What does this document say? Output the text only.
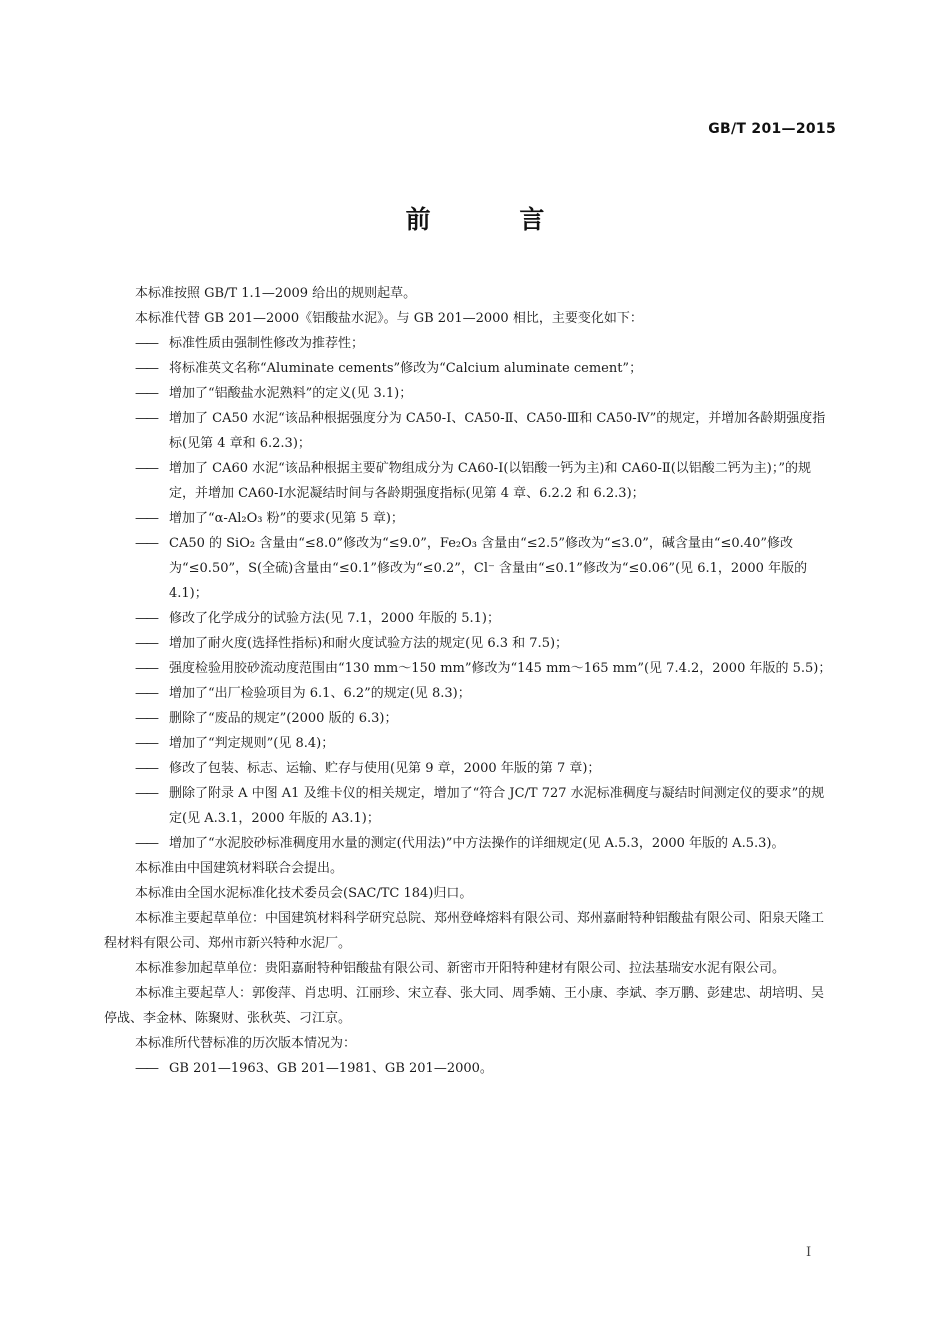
GB/T 201—2015
前 言

本标准按照 GB/T 1.1—2009 给出的规则起草。

本标准代替 GB 201—2000《铝酸盐水泥》。与 GB 201—2000 相比，主要变化如下：

—— 标准性质由强制性修改为推荐性；

—— 将标准英文名称“Aluminate cements”修改为“Calcium aluminate cement”；

—— 增加了“铝酸盐水泥熟料”的定义(见 3.1)；

—— 增加了 CA50 水泥“该品种根据强度分为 CA50-Ⅰ、CA50-Ⅱ、CA50-Ⅲ和 CA50-Ⅳ”的规定，并增加各龄期强度指标(见第 4 章和 6.2.3)；

—— 增加了 CA60 水泥“该品种根据主要矿物组成分为 CA60-Ⅰ(以铝酸一钙为主)和 CA60-Ⅱ(以铝酸二钙为主)；”的规定，并增加 CA60-Ⅰ水泥凝结时间与各龄期强度指标(见第 4 章、6.2.2 和 6.2.3)；

—— 增加了“α-Al₂O₃ 粉”的要求(见第 5 章)；

—— CA50 的 SiO₂ 含量由“≤8.0”修改为“≤9.0”，Fe₂O₃ 含量由“≤2.5”修改为“≤3.0”，碱含量由“≤0.40”修改为“≤0.50”，S(全硫)含量由“≤0.1”修改为“≤0.2”，Cl⁻ 含量由“≤0.1”修改为“≤0.06”(见 6.1，2000 年版的 4.1)；

—— 修改了化学成分的试验方法(见 7.1，2000 年版的 5.1)；

—— 增加了耐火度(选择性指标)和耐火度试验方法的规定(见 6.3 和 7.5)；

—— 强度检验用胶砂流动度范围由“130 mm～150 mm”修改为“145 mm～165 mm”(见 7.4.2，2000 年版的 5.5)；

—— 增加了“出厂检验项目为 6.1、6.2”的规定(见 8.3)；

—— 删除了“废品的规定”(2000 版的 6.3)；

—— 增加了“判定规则”(见 8.4)；

—— 修改了包装、标志、运输、贮存与使用(见第 9 章，2000 年版的第 7 章)；

—— 删除了附录 A 中图 A1 及维卡仪的相关规定，增加了“符合 JC/T 727 水泥标准稠度与凝结时间测定仪的要求”的规定(见 A.3.1，2000 年版的 A3.1)；

—— 增加了“水泥胶砂标准稠度用水量的测定(代用法)”中方法操作的详细规定(见 A.5.3，2000 年版的 A.5.3)。

本标准由中国建筑材料联合会提出。

本标准由全国水泥标准化技术委员会(SAC/TC 184)归口。

本标准主要起草单位：中国建筑材料科学研究总院、郑州登峰熔料有限公司、郑州嘉耐特种铝酸盐有限公司、阳泉天隆工程材料有限公司、郑州市新兴特种水泥厂。

本标准参加起草单位：贵阳嘉耐特种铝酸盐有限公司、新密市开阳特种建材有限公司、拉法基瑞安水泥有限公司。

本标准主要起草人：郭俊萍、肖忠明、江丽珍、宋立春、张大同、周季婻、王小康、李斌、李万鹏、彭建忠、胡培明、吴停战、李金林、陈聚财、张秋英、刁江京。

本标准所代替标准的历次版本情况为：

—— GB 201—1963、GB 201—1981、GB 201—2000。

Ⅰ
